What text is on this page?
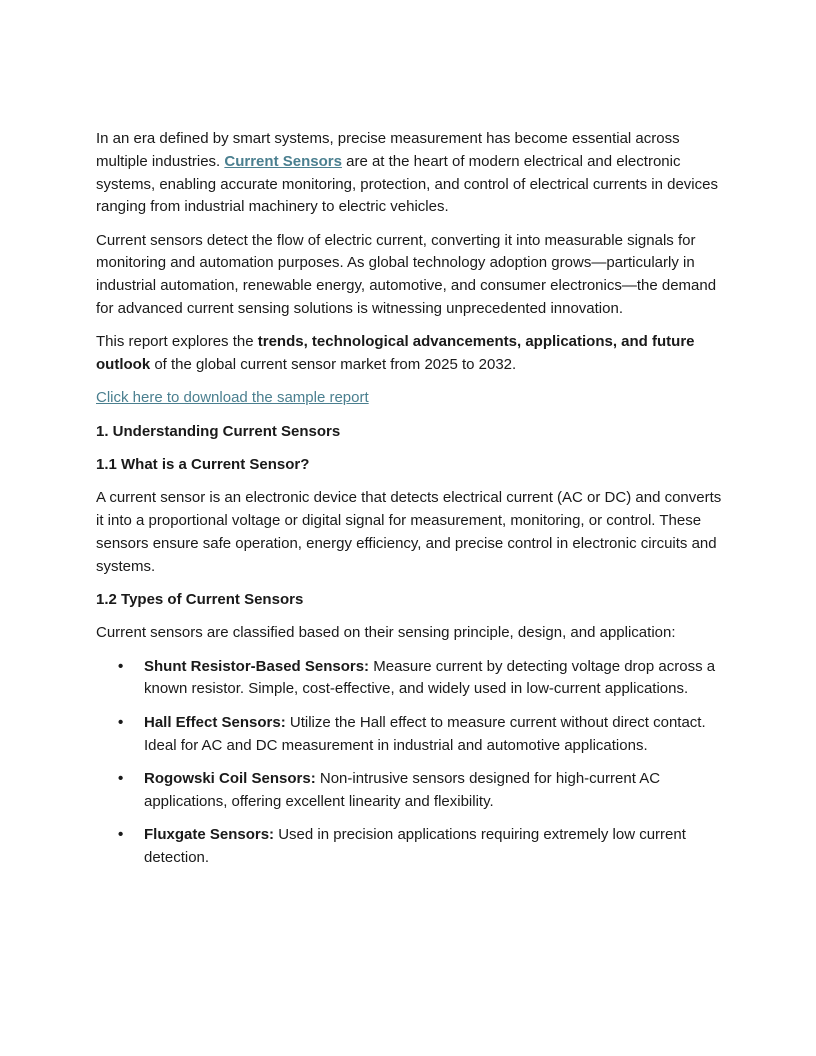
In an era defined by smart systems, precise measurement has become essential across multiple industries. Current Sensors are at the heart of modern electrical and electronic systems, enabling accurate monitoring, protection, and control of electrical currents in devices ranging from industrial machinery to electric vehicles.

Current sensors detect the flow of electric current, converting it into measurable signals for monitoring and automation purposes. As global technology adoption grows—particularly in industrial automation, renewable energy, automotive, and consumer electronics—the demand for advanced current sensing solutions is witnessing unprecedented innovation.

This report explores the trends, technological advancements, applications, and future outlook of the global current sensor market from 2025 to 2032.

Click here to download the sample report

1. Understanding Current Sensors

1.1 What is a Current Sensor?

A current sensor is an electronic device that detects electrical current (AC or DC) and converts it into a proportional voltage or digital signal for measurement, monitoring, or control. These sensors ensure safe operation, energy efficiency, and precise control in electronic circuits and systems.

1.2 Types of Current Sensors

Current sensors are classified based on their sensing principle, design, and application:

• Shunt Resistor-Based Sensors: Measure current by detecting voltage drop across a known resistor. Simple, cost-effective, and widely used in low-current applications.
• Hall Effect Sensors: Utilize the Hall effect to measure current without direct contact. Ideal for AC and DC measurement in industrial and automotive applications.
• Rogowski Coil Sensors: Non-intrusive sensors designed for high-current AC applications, offering excellent linearity and flexibility.
• Fluxgate Sensors: Used in precision applications requiring extremely low current detection.
